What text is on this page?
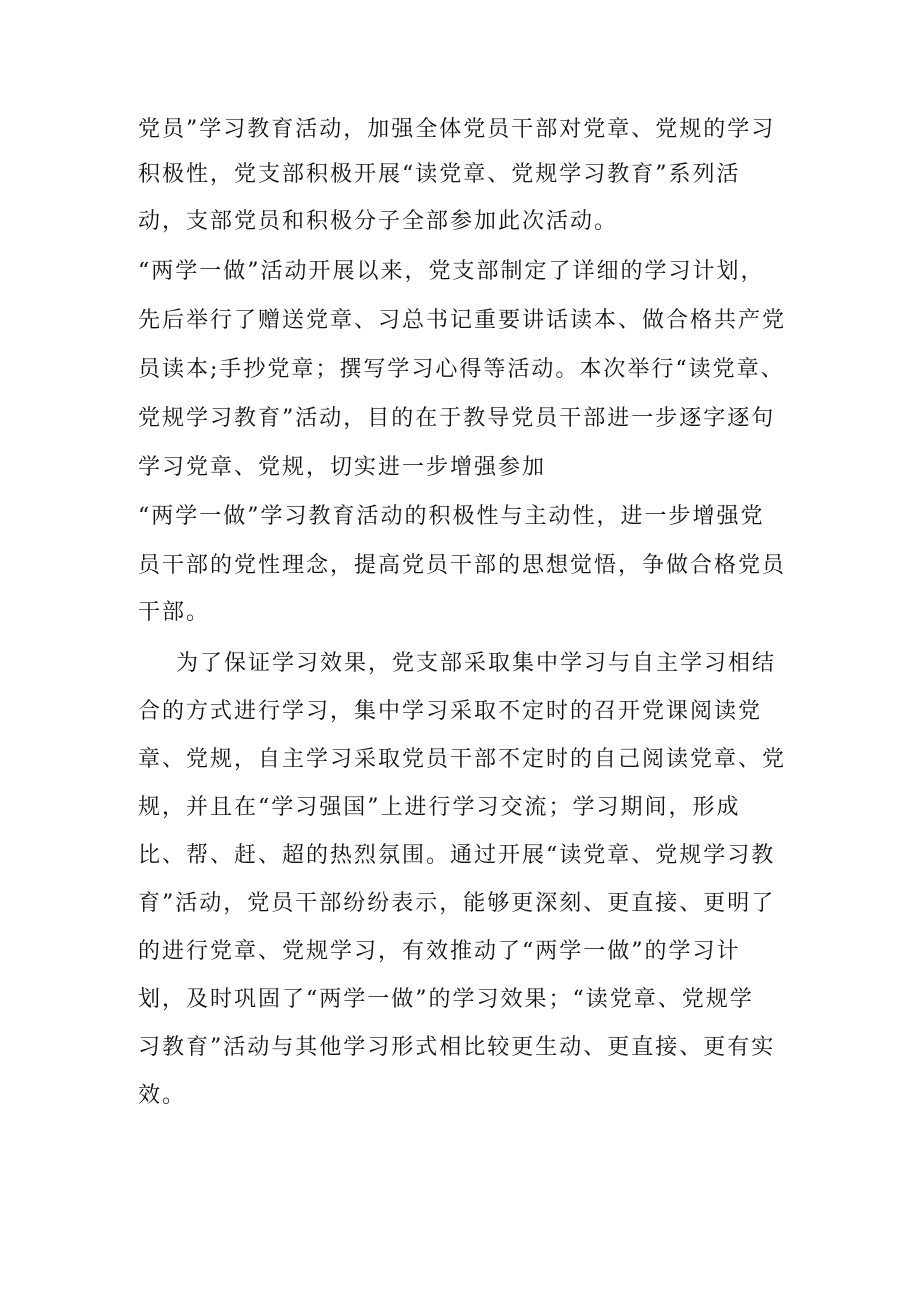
党员”学习教育活动，加强全体党员干部对党章、党规的学习
积极性，党支部积极开展“读党章、党规学习教育”系列活
动，支部党员和积极分子全部参加此次活动。
“两学一做”活动开展以来，党支部制定了详细的学习计划，
先后举行了赠送党章、习总书记重要讲话读本、做合格共产党
员读本;手抄党章；撰写学习心得等活动。本次举行“读党章、
党规学习教育”活动，目的在于教导党员干部进一步逐字逐句
学习党章、党规，切实进一步增强参加
“两学一做”学习教育活动的积极性与主动性，进一步增强党
员干部的党性理念，提高党员干部的思想觉悟，争做合格党员
干部。
为了保证学习效果，党支部采取集中学习与自主学习相结
合的方式进行学习，集中学习采取不定时的召开党课阅读党
章、党规，自主学习采取党员干部不定时的自己阅读党章、党
规，并且在“学习强国”上进行学习交流；学习期间，形成
比、帮、赶、超的热烈氛围。通过开展“读党章、党规学习教
育”活动，党员干部纷纷表示，能够更深刻、更直接、更明了
的进行党章、党规学习，有效推动了“两学一做”的学习计
划，及时巩固了“两学一做”的学习效果；“读党章、党规学
习教育”活动与其他学习形式相比较更生动、更直接、更有实
效。
